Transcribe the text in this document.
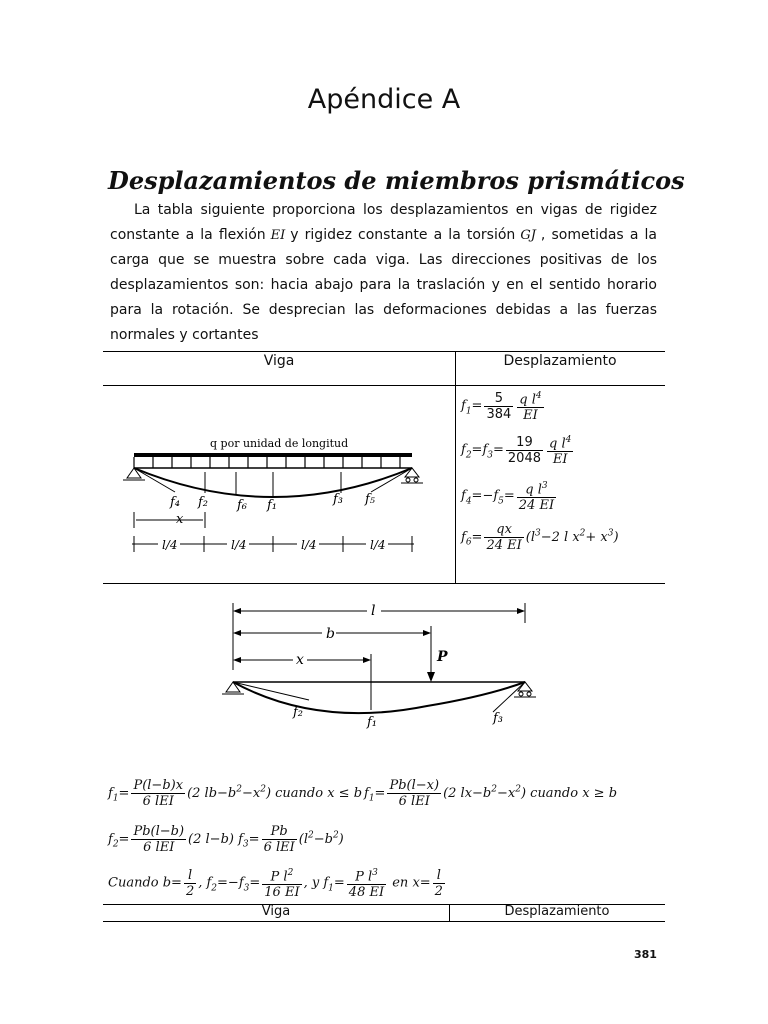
Apéndice A
Desplazamientos de miembros prismáticos
La tabla siguiente proporciona los desplazamientos en vigas de rigidez constante a la flexión EI y rigidez constante a la torsión GJ , sometidas a la carga que se muestra sobre cada viga. Las direcciones positivas de los desplazamientos son: hacia abajo para la traslación y en el sentido horario para la rotación. Se desprecian las deformaciones debidas a las fuerzas normales y cortantes
Viga	Desplazamiento
q por unidad de longitud
f₄ f₂ f₆ f₁	f₃ f₅
x
l/4	l/4	l/4	l/4
$f_1= \frac{5}{384} \frac{q l^4}{EI}$
$f_2=f_3= \frac{19}{2048} \frac{q l^4}{EI}$
$f_4=-f_5= \frac{q l^3}{24 EI}$
$f_6= \frac{qx}{24 EI} (l^3-2$ l $x^2+ x^3$)
l
b
P
x
f₂
f₁	f₃
$f_1= \frac{P(l-b)x}{\text{6 lEI}} (2$ $lb-b^2-x^2$) cuando x ≤ b $f_1= \frac{Pb(l-x)}{\text{6 lEI}} (2$ $lx-b^2-x^2$) cuando x ≥ b
$f_2= \frac{Pb(l-b)}{\text{6 lEI}} (2$ l−b) $f_3= \frac{Pb}{\text{6 lEI}} (l^2-b^2)$
Cuando $b= \frac{l}{2}$ , $f_2=-f_3= \frac{P l^2}{16 EI}$ , y $f_1= \frac{P l^3}{48 EI}$ en $x= \frac{l}{2}$
Viga	Desplazamiento
381
